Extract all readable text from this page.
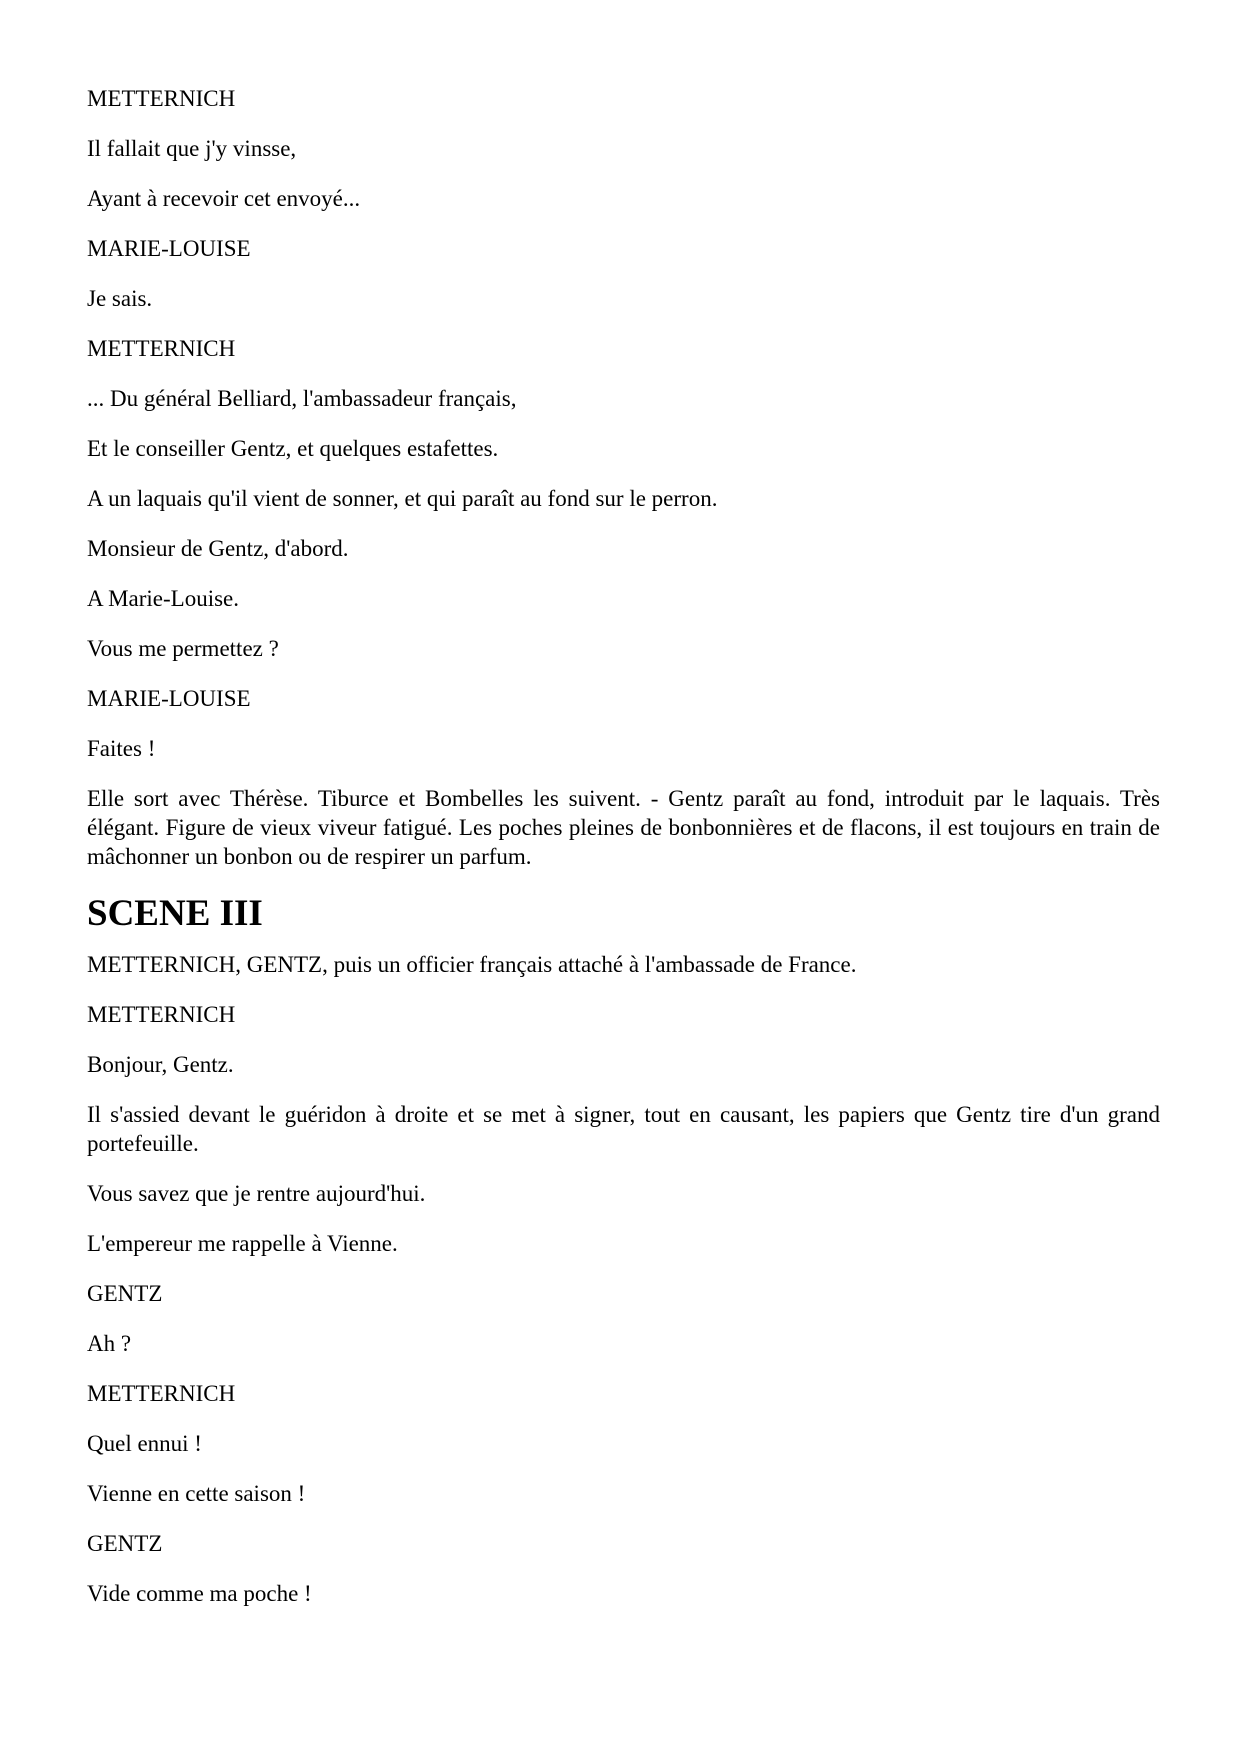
METTERNICH

Il fallait que j'y vinsse,

Ayant à recevoir cet envoyé...

MARIE-LOUISE

Je sais.

METTERNICH

... Du général Belliard, l'ambassadeur français,

Et le conseiller Gentz, et quelques estafettes.

A un laquais qu'il vient de sonner, et qui paraît au fond sur le perron.

Monsieur de Gentz, d'abord.

A Marie-Louise.

Vous me permettez ?

MARIE-LOUISE

Faites !

Elle sort avec Thérèse. Tiburce et Bombelles les suivent. - Gentz paraît au fond, introduit par le laquais. Très élégant. Figure de vieux viveur fatigué. Les poches pleines de bonbonnières et de flacons, il est toujours en train de mâchonner un bonbon ou de respirer un parfum.

SCENE III

METTERNICH, GENTZ, puis un officier français attaché à l'ambassade de France.

METTERNICH

Bonjour, Gentz.

Il s'assied devant le guéridon à droite et se met à signer, tout en causant, les papiers que Gentz tire d'un grand portefeuille.

Vous savez que je rentre aujourd'hui.

L'empereur me rappelle à Vienne.

GENTZ

Ah ?

METTERNICH

Quel ennui !

Vienne en cette saison !

GENTZ

Vide comme ma poche !
